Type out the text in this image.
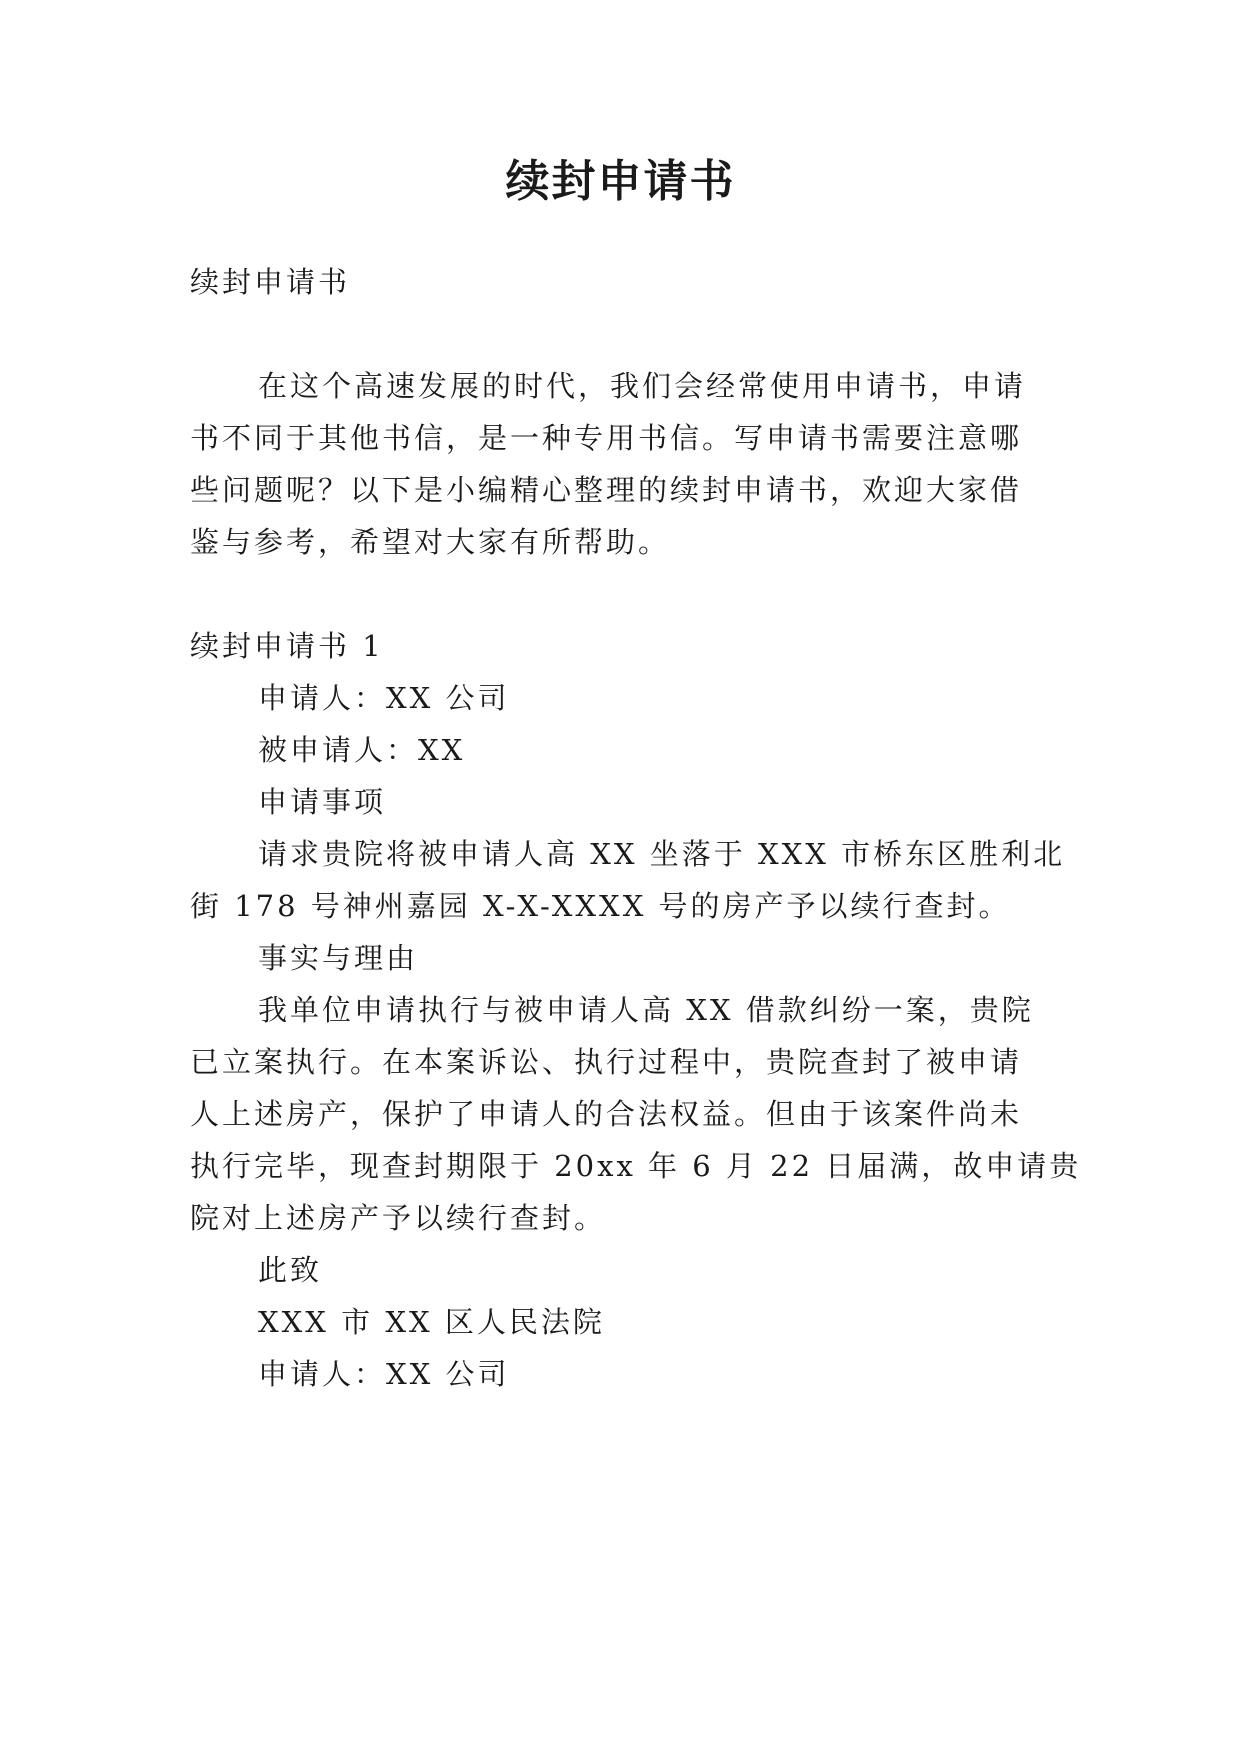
续封申请书
续封申请书
在这个高速发展的时代，我们会经常使用申请书，申请
书不同于其他书信，是一种专用书信。写申请书需要注意哪
些问题呢？以下是小编精心整理的续封申请书，欢迎大家借
鉴与参考，希望对大家有所帮助。
续封申请书 1
申请人：XX 公司
被申请人：XX
申请事项
请求贵院将被申请人高 XX 坐落于 XXX 市桥东区胜利北
街 178 号神州嘉园 X-X-XXXX 号的房产予以续行查封。
事实与理由
我单位申请执行与被申请人高 XX 借款纠纷一案，贵院
已立案执行。在本案诉讼、执行过程中，贵院查封了被申请
人上述房产，保护了申请人的合法权益。但由于该案件尚未
执行完毕，现查封期限于 20xx 年 6 月 22 日届满，故申请贵
院对上述房产予以续行查封。
此致
XXX 市 XX 区人民法院
申请人：XX 公司
